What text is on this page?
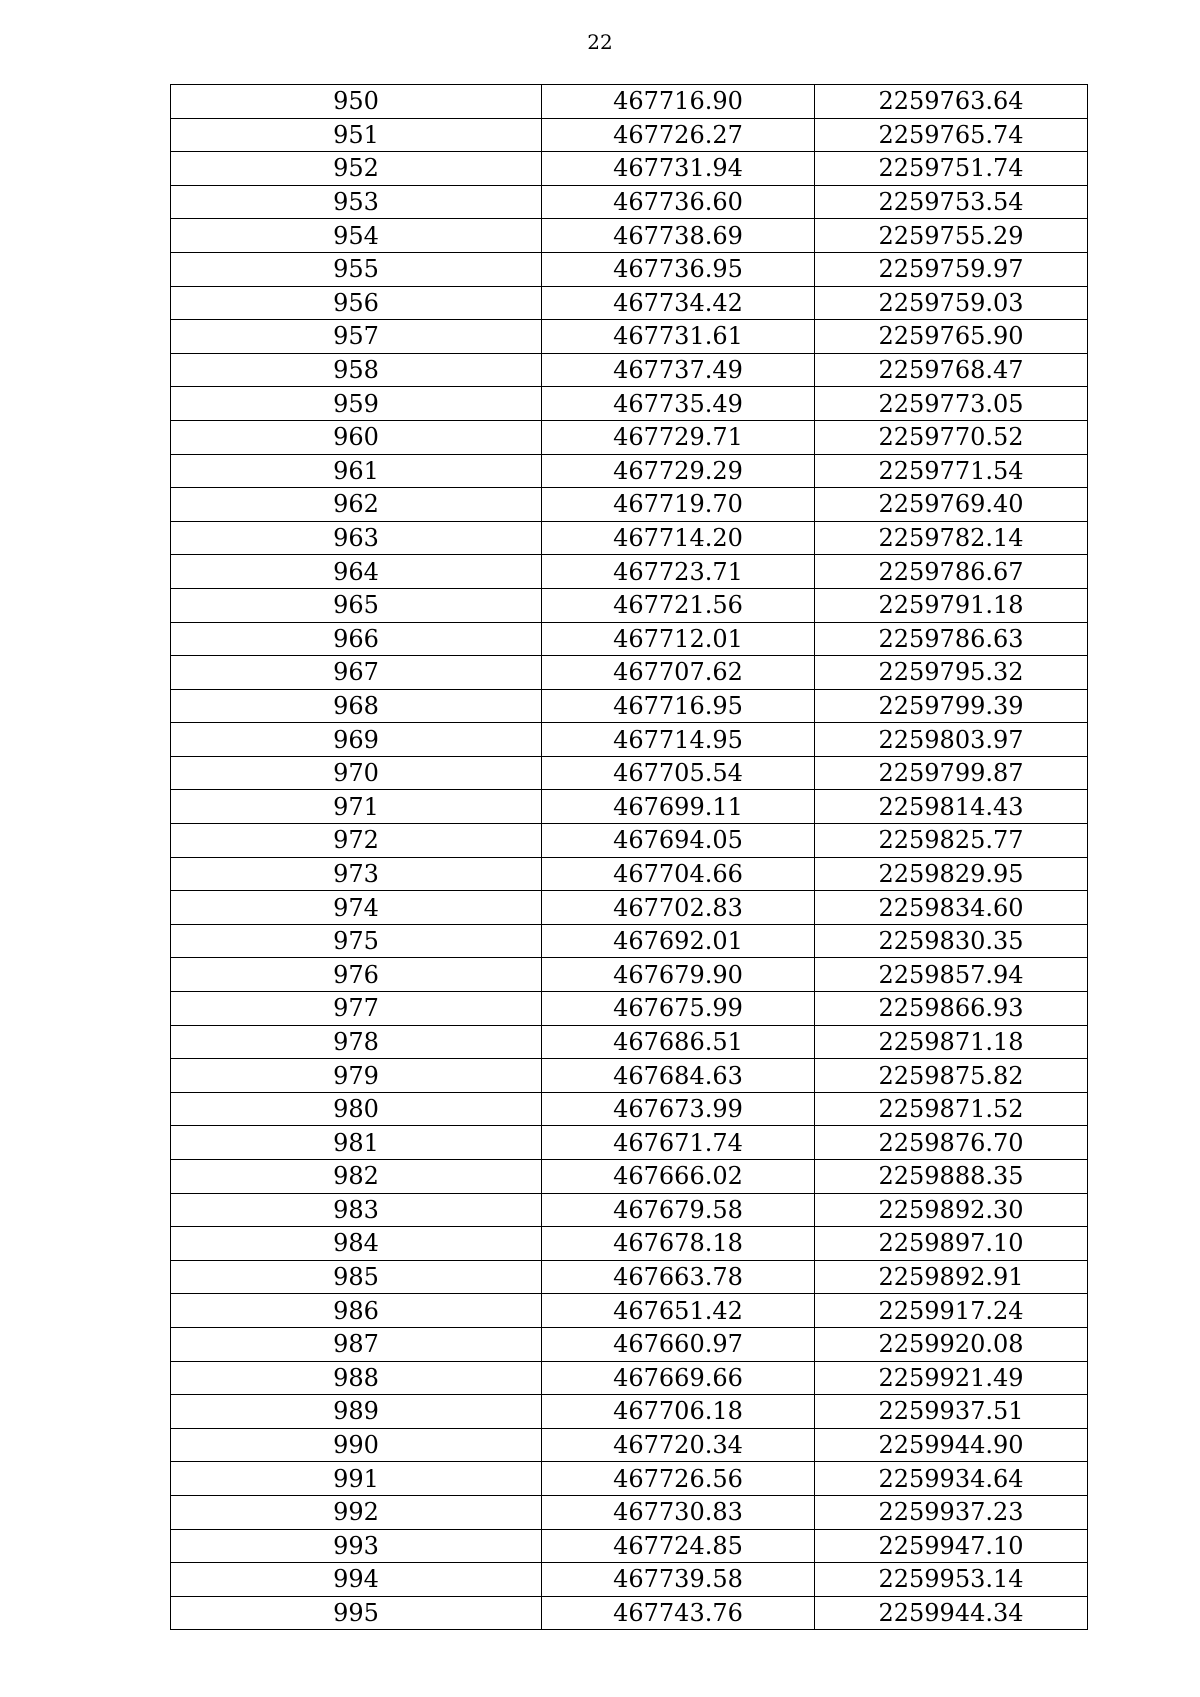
22
950	467716.90	2259763.64
951	467726.27	2259765.74
952	467731.94	2259751.74
953	467736.60	2259753.54
954	467738.69	2259755.29
955	467736.95	2259759.97
956	467734.42	2259759.03
957	467731.61	2259765.90
958	467737.49	2259768.47
959	467735.49	2259773.05
960	467729.71	2259770.52
961	467729.29	2259771.54
962	467719.70	2259769.40
963	467714.20	2259782.14
964	467723.71	2259786.67
965	467721.56	2259791.18
966	467712.01	2259786.63
967	467707.62	2259795.32
968	467716.95	2259799.39
969	467714.95	2259803.97
970	467705.54	2259799.87
971	467699.11	2259814.43
972	467694.05	2259825.77
973	467704.66	2259829.95
974	467702.83	2259834.60
975	467692.01	2259830.35
976	467679.90	2259857.94
977	467675.99	2259866.93
978	467686.51	2259871.18
979	467684.63	2259875.82
980	467673.99	2259871.52
981	467671.74	2259876.70
982	467666.02	2259888.35
983	467679.58	2259892.30
984	467678.18	2259897.10
985	467663.78	2259892.91
986	467651.42	2259917.24
987	467660.97	2259920.08
988	467669.66	2259921.49
989	467706.18	2259937.51
990	467720.34	2259944.90
991	467726.56	2259934.64
992	467730.83	2259937.23
993	467724.85	2259947.10
994	467739.58	2259953.14
995	467743.76	2259944.34
